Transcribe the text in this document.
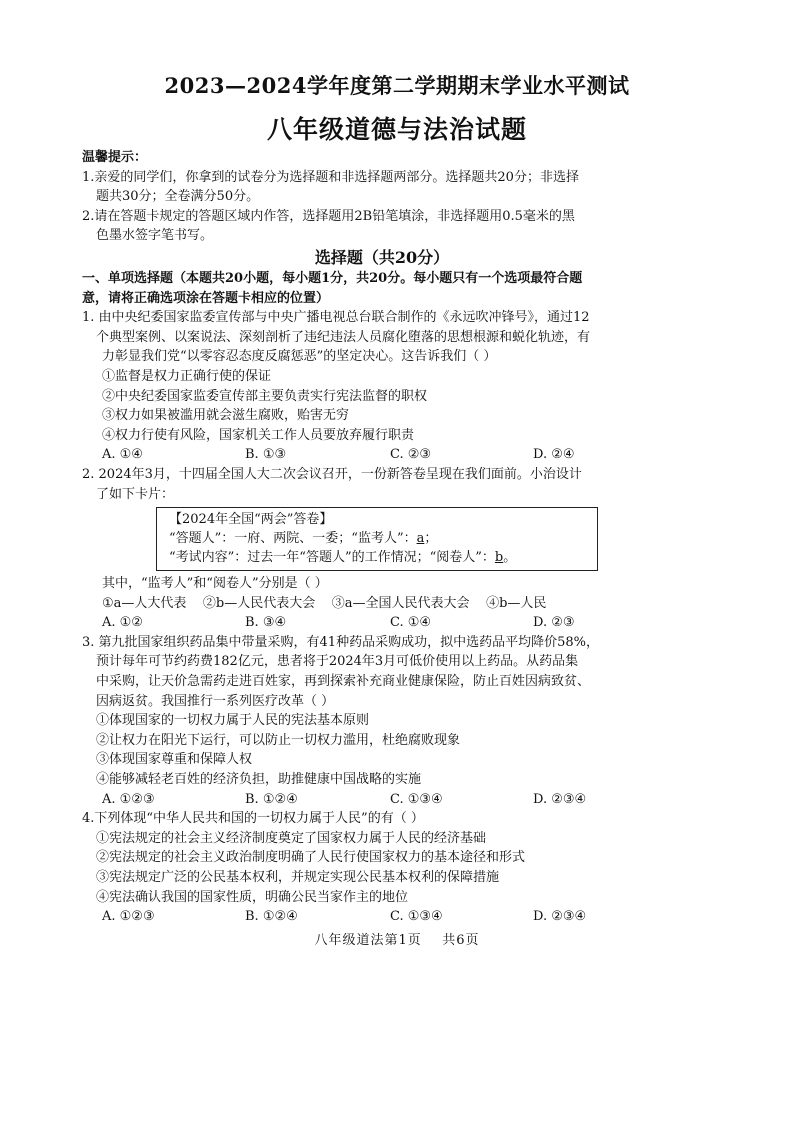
2023—2024学年度第二学期期末学业水平测试
八年级道德与法治试题
温馨提示：
1.亲爱的同学们，你拿到的试卷分为选择题和非选择题两部分。选择题共20分；非选择
题共30分；全卷满分50分。
2.请在答题卡规定的答题区域内作答，选择题用2B铅笔填涂，非选择题用0.5毫米的黑
色墨水签字笔书写。
选择题（共20分）
一、单项选择题（本题共20小题，每小题1分，共20分。每小题只有一个选项最符合题
意，请将正确选项涂在答题卡相应的位置）
1. 由中央纪委国家监委宣传部与中央广播电视总台联合制作的《永远吹冲锋号》，通过12
个典型案例、以案说法、深刻剖析了违纪违法人员腐化堕落的思想根源和蜕化轨迹，有
力彰显我们党“以零容忍态度反腐惩恶”的坚定决心。这告诉我们（ ）
①监督是权力正确行使的保证
②中央纪委国家监委宣传部主要负责实行宪法监督的职权
③权力如果被滥用就会滋生腐败，贻害无穷
④权力行使有风险，国家机关工作人员要放弃履行职责
A. ①④	B. ①③	C. ②③	D. ②④
2. 2024年3月，十四届全国人大二次会议召开，一份新答卷呈现在我们面前。小治设计
了如下卡片：
【2024年全国“两会”答卷】
“答题人”：一府、两院、一委；“监考人”：a；
“考试内容”：过去一年“答题人”的工作情况；“阅卷人”：b。
其中，“监考人”和“阅卷人”分别是（ ）
①a—人大代表    ②b—人民代表大会    ③a—全国人民代表大会    ④b—人民
A. ①②	B. ③④	C. ①④	D. ②③
3. 第九批国家组织药品集中带量采购，有41种药品采购成功，拟中选药品平均降价58%，
预计每年可节约药费182亿元，患者将于2024年3月可低价使用以上药品。从药品集
中采购，让天价急需药走进百姓家，再到探索补充商业健康保险，防止百姓因病致贫、
因病返贫。我国推行一系列医疗改革（ ）
①体现国家的一切权力属于人民的宪法基本原则
②让权力在阳光下运行，可以防止一切权力滥用，杜绝腐败现象
③体现国家尊重和保障人权
④能够减轻老百姓的经济负担，助推健康中国战略的实施
A. ①②③	B. ①②④	C. ①③④	D. ②③④
4.下列体现“中华人民共和国的一切权力属于人民”的有（ ）
①宪法规定的社会主义经济制度奠定了国家权力属于人民的经济基础
②宪法规定的社会主义政治制度明确了人民行使国家权力的基本途径和形式
③宪法规定广泛的公民基本权利，并规定实现公民基本权利的保障措施
④宪法确认我国的国家性质，明确公民当家作主的地位
A. ①②③	B. ①②④	C. ①③④	D. ②③④
八年级道法第1页    共6页
